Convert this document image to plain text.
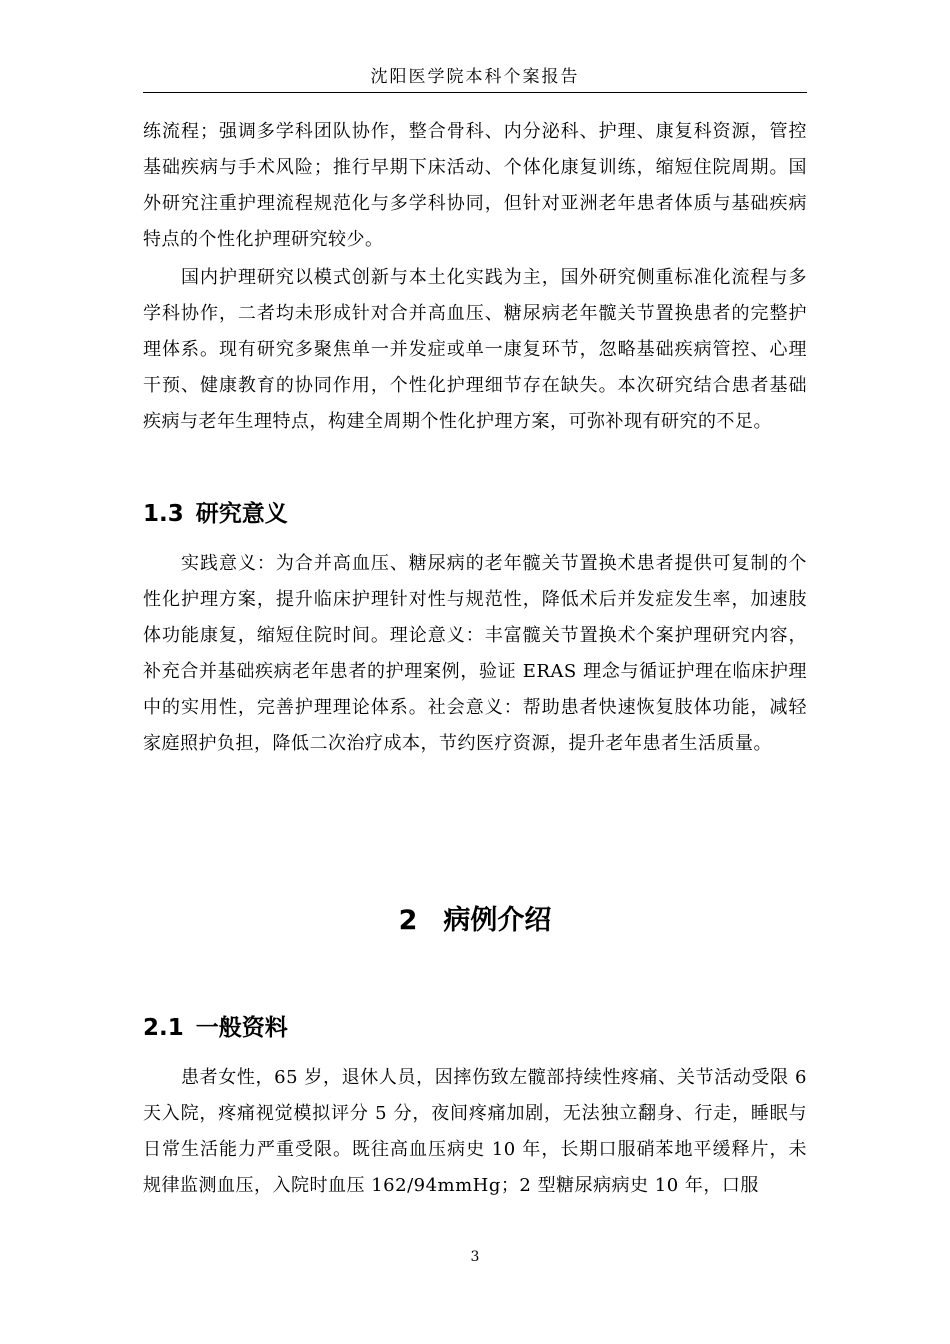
沈阳医学院本科个案报告

练流程；强调多学科团队协作，整合骨科、内分泌科、护理、康复科资源，管控基础疾病与手术风险；推行早期下床活动、个体化康复训练，缩短住院周期。国外研究注重护理流程规范化与多学科协同，但针对亚洲老年患者体质与基础疾病特点的个性化护理研究较少。

国内护理研究以模式创新与本土化实践为主，国外研究侧重标准化流程与多学科协作，二者均未形成针对合并高血压、糖尿病老年髋关节置换患者的完整护理体系。现有研究多聚焦单一并发症或单一康复环节，忽略基础疾病管控、心理干预、健康教育的协同作用，个性化护理细节存在缺失。本次研究结合患者基础疾病与老年生理特点，构建全周期个性化护理方案，可弥补现有研究的不足。

1.3 研究意义

实践意义：为合并高血压、糖尿病的老年髋关节置换术患者提供可复制的个性化护理方案，提升临床护理针对性与规范性，降低术后并发症发生率，加速肢体功能康复，缩短住院时间。理论意义：丰富髋关节置换术个案护理研究内容，补充合并基础疾病老年患者的护理案例，验证 ERAS 理念与循证护理在临床护理中的实用性，完善护理理论体系。社会意义：帮助患者快速恢复肢体功能，减轻家庭照护负担，降低二次治疗成本，节约医疗资源，提升老年患者生活质量。

2 病例介绍
2.1 一般资料

患者女性，65 岁，退休人员，因摔伤致左髋部持续性疼痛、关节活动受限 6 天入院，疼痛视觉模拟评分 5 分，夜间疼痛加剧，无法独立翻身、行走，睡眠与日常生活能力严重受限。既往高血压病史 10 年，长期口服硝苯地平缓释片，未规律监测血压，入院时血压 162/94mmHg；2 型糖尿病病史 10 年，口服

3
